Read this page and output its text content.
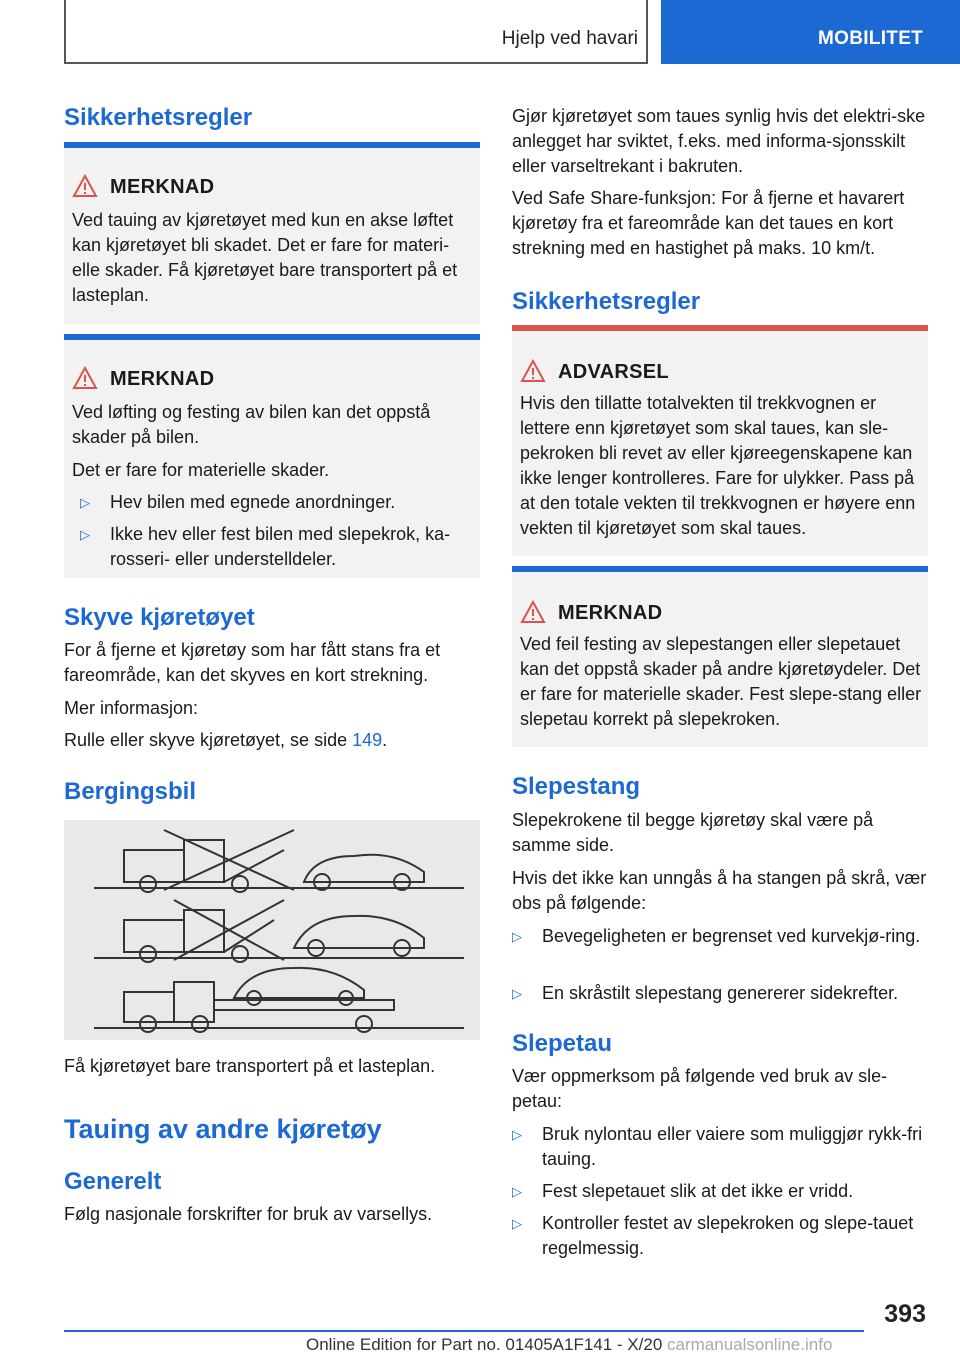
Hjelp ved havari	MOBILITET
Sikkerhetsregler
MERKNAD
Ved tauing av kjøretøyet med kun en akse løftet kan kjøretøyet bli skadet. Det er fare for materi-elle skader. Få kjøretøyet bare transportert på et lasteplan.
MERKNAD
Ved løfting og festing av bilen kan det oppstå skader på bilen.
Det er fare for materielle skader.
▷ Hev bilen med egnede anordninger.
▷ Ikke hev eller fest bilen med slepekrok, ka-rosseri- eller understelldeler.
Skyve kjøretøyet

For å fjerne et kjøretøy som har fått stans fra et fareområde, kan det skyves en kort strekning.

Mer informasjon:

Rulle eller skyve kjøretøyet, se side 149.

Bergingsbil

Få kjøretøyet bare transportert på et lasteplan.

Tauing av andre kjøretøy
Generelt

Følg nasjonale forskrifter for bruk av varsellys.

Gjør kjøretøyet som taues synlig hvis det elektri-ske anlegget har sviktet, f.eks. med informa-sjonsskilt eller varseltrekant i bakruten.

Ved Safe Share-funksjon: For å fjerne et havarert kjøretøy fra et fareområde kan det taues en kort strekning med en hastighet på maks. 10 km/t.

Sikkerhetsregler
ADVARSEL
Hvis den tillatte totalvekten til trekkvognen er lettere enn kjøretøyet som skal taues, kan sle-pekroken bli revet av eller kjøreegenskapene kan ikke lenger kontrolleres. Fare for ulykker. Pass på at den totale vekten til trekkvognen er høyere enn vekten til kjøretøyet som skal taues.
MERKNAD
Ved feil festing av slepestangen eller slepetauet kan det oppstå skader på andre kjøretøydeler. Det er fare for materielle skader. Fest slepe-stang eller slepetau korrekt på slepekroken.
Slepestang

Slepekrokene til begge kjøretøy skal være på samme side.

Hvis det ikke kan unngås å ha stangen på skrå, vær obs på følgende:

▷ Bevegeligheten er begrenset ved kurvekjø-ring.
▷ En skråstilt slepestang genererer sidekrefter.
Slepetau

Vær oppmerksom på følgende ved bruk av sle-petau:

▷ Bruk nylontau eller vaiere som muliggjør rykk-fri tauing.
▷ Fest slepetauet slik at det ikke er vridd.
▷ Kontroller festet av slepekroken og slepe-tauet regelmessig.
393
Online Edition for Part no. 01405A1F141 - X/20 carmanualsonline.info
